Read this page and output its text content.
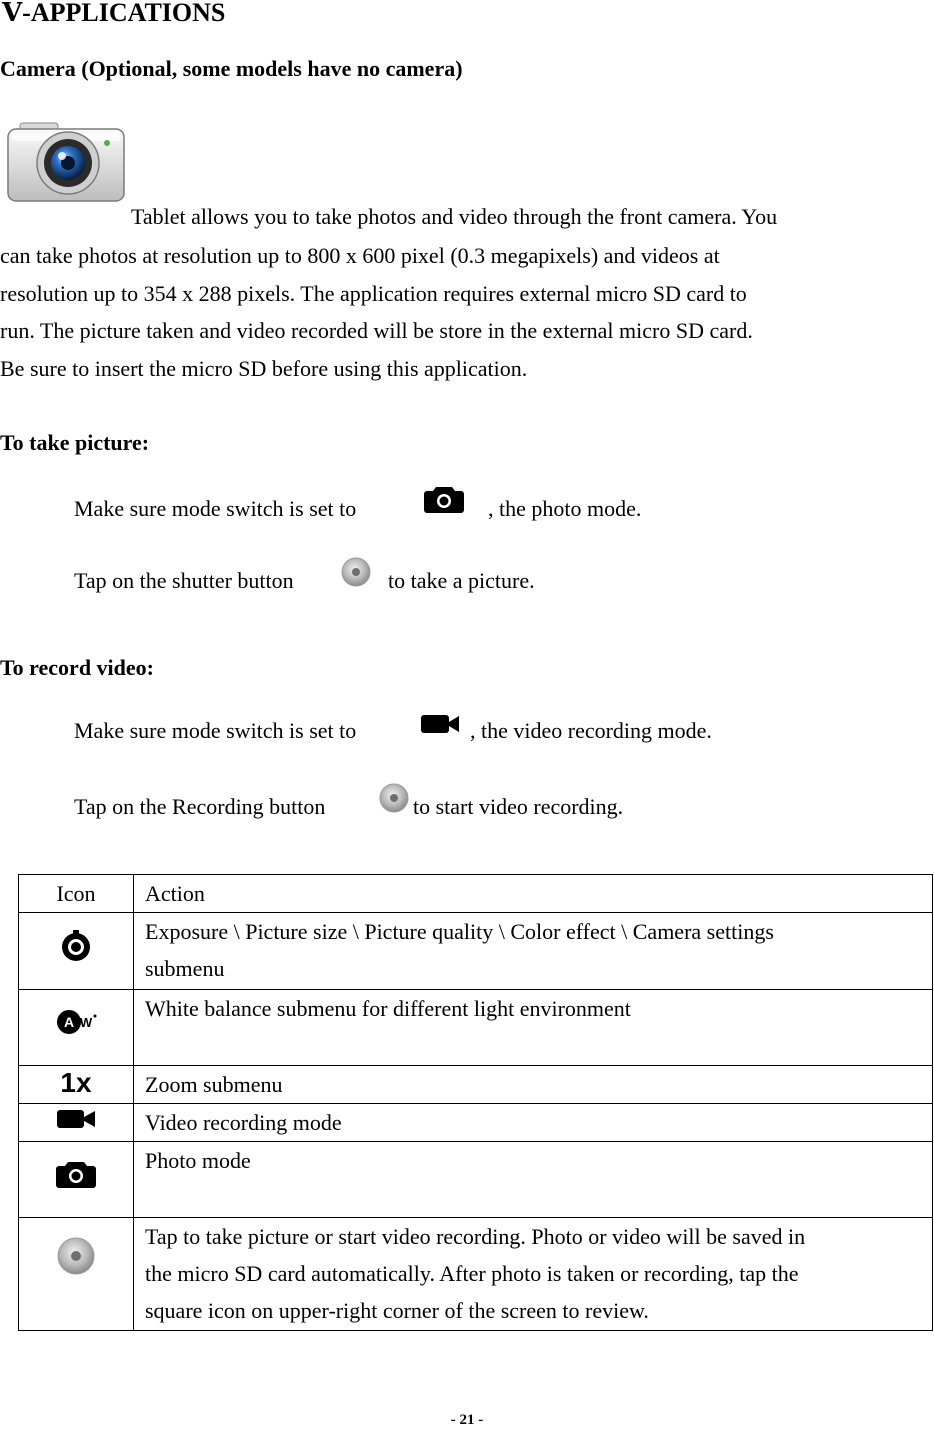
Ⅴ-APPLICATIONS
Camera (Optional, some models have no camera)
Tablet allows you to take photos and video through the front camera. You
can take photos at resolution up to 800 x 600 pixel (0.3 megapixels) and videos at
resolution up to 354 x 288 pixels. The application requires external micro SD card to
run. The picture taken and video recorded will be store in the external micro SD card.
Be sure to insert the micro SD before using this application.
To take picture:
Make sure mode switch is set to	, the photo mode.
Tap on the shutter button	to take a picture.
To record video:
Make sure mode switch is set to	, the video recording mode.
Tap on the Recording button	to start video recording.
Icon	Action

Exposure \ Picture size \ Picture quality \ Color effect \ Camera settings
submenu

A W	White balance submenu for different light environment

1x	Zoom submenu

Video recording mode

Photo mode

Tap to take picture or start video recording. Photo or video will be saved in
the micro SD card automatically. After photo is taken or recording, tap the
square icon on upper-right corner of the screen to review.
- 21 -
